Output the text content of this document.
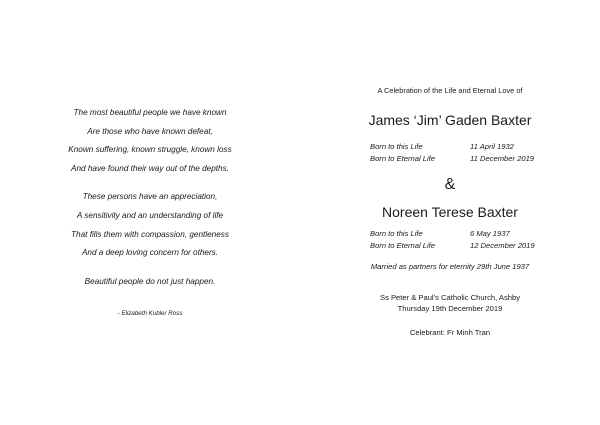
The most beautiful people we have known
Are those who have known defeat,
Known suffering, known struggle, known loss
And have found their way out of the depths.
These persons have an appreciation,
A sensitivity and an understanding of life
That fills them with compassion, gentleness
And a deep loving concern for others.
Beautiful people do not just happen.
- Elizabeth Kubler Ross
A Celebration of the Life and Eternal Love of
James ‘Jim’ Gaden Baxter
Born to this Life	11 April 1932
Born to Eternal Life	11 December 2019
&
Noreen Terese Baxter
Born to this Life	6 May 1937
Born to Eternal Life	12 December 2019
Married as partners for eternity 29th June 1937
Ss Peter & Paul’s Catholic Church, Ashby
Thursday 19th December 2019
Celebrant: Fr Minh Tran
